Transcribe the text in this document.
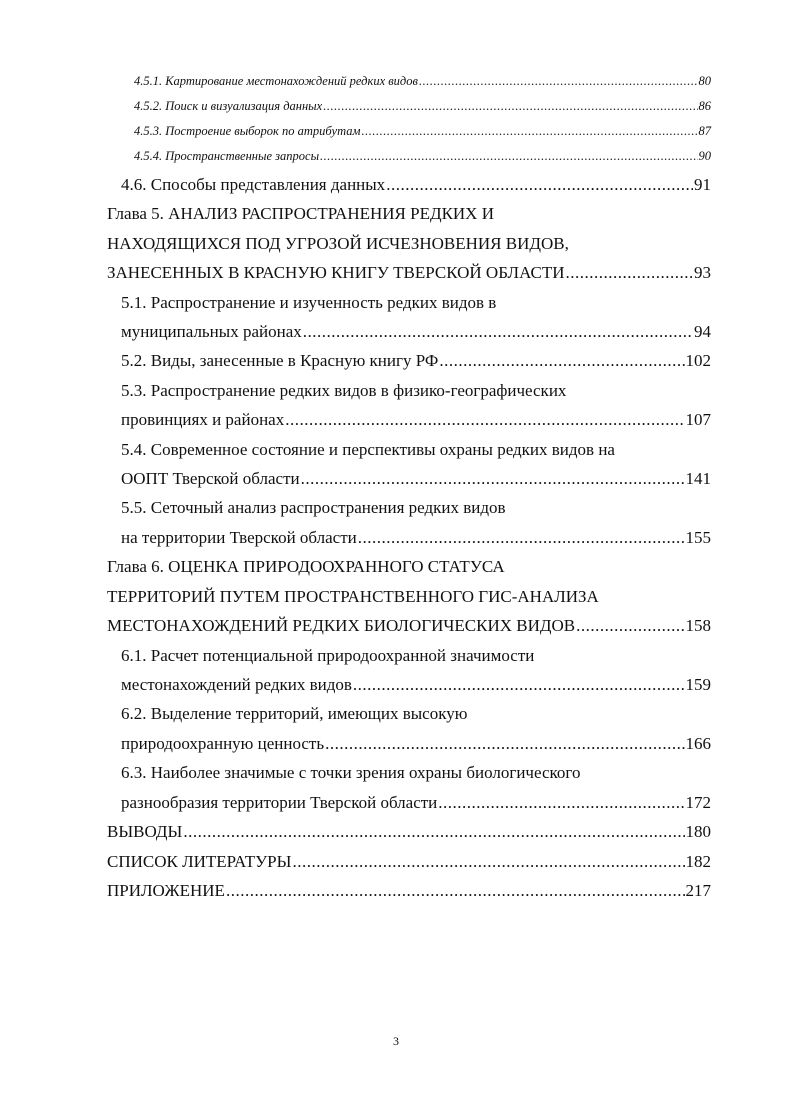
4.5.1. Картирование местонахождений редких видов .....	80
4.5.2. Поиск и визуализация данных .....	86
4.5.3. Построение выборок по атрибутам .....	87
4.5.4. Пространственные запросы .....	90
4.6. Способы представления данных .....	91
Глава 5. АНАЛИЗ РАСПРОСТРАНЕНИЯ РЕДКИХ И
НАХОДЯЩИХСЯ ПОД УГРОЗОЙ ИСЧЕЗНОВЕНИЯ ВИДОВ,
ЗАНЕСЕННЫХ В КРАСНУЮ КНИГУ ТВЕРСКОЙ ОБЛАСТИ .....	93
5.1. Распространение и изученность редких видов в
муниципальных районах .....	94
5.2. Виды, занесенные в Красную книгу РФ .....	102
5.3. Распространение редких видов в физико-географических
провинциях и районах .....	107
5.4. Современное состояние и перспективы охраны редких видов на
ООПТ Тверской области .....	141
5.5. Сеточный анализ распространения редких видов
на территории Тверской области .....	155
Глава 6. ОЦЕНКА ПРИРОДООХРАННОГО СТАТУСА
ТЕРРИТОРИЙ ПУТЕМ ПРОСТРАНСТВЕННОГО ГИС-АНАЛИЗА
МЕСТОНАХОЖДЕНИЙ РЕДКИХ БИОЛОГИЧЕСКИХ ВИДОВ .....	158
6.1. Расчет потенциальной природоохранной значимости
местонахождений редких видов .....	159
6.2. Выделение территорий, имеющих высокую
природоохранную ценность .....	166
6.3. Наиболее значимые с точки зрения охраны биологического
разнообразия территории Тверской области .....	172
ВЫВОДЫ .....	180
СПИСОК ЛИТЕРАТУРЫ .....	182
ПРИЛОЖЕНИЕ .....	217
3
